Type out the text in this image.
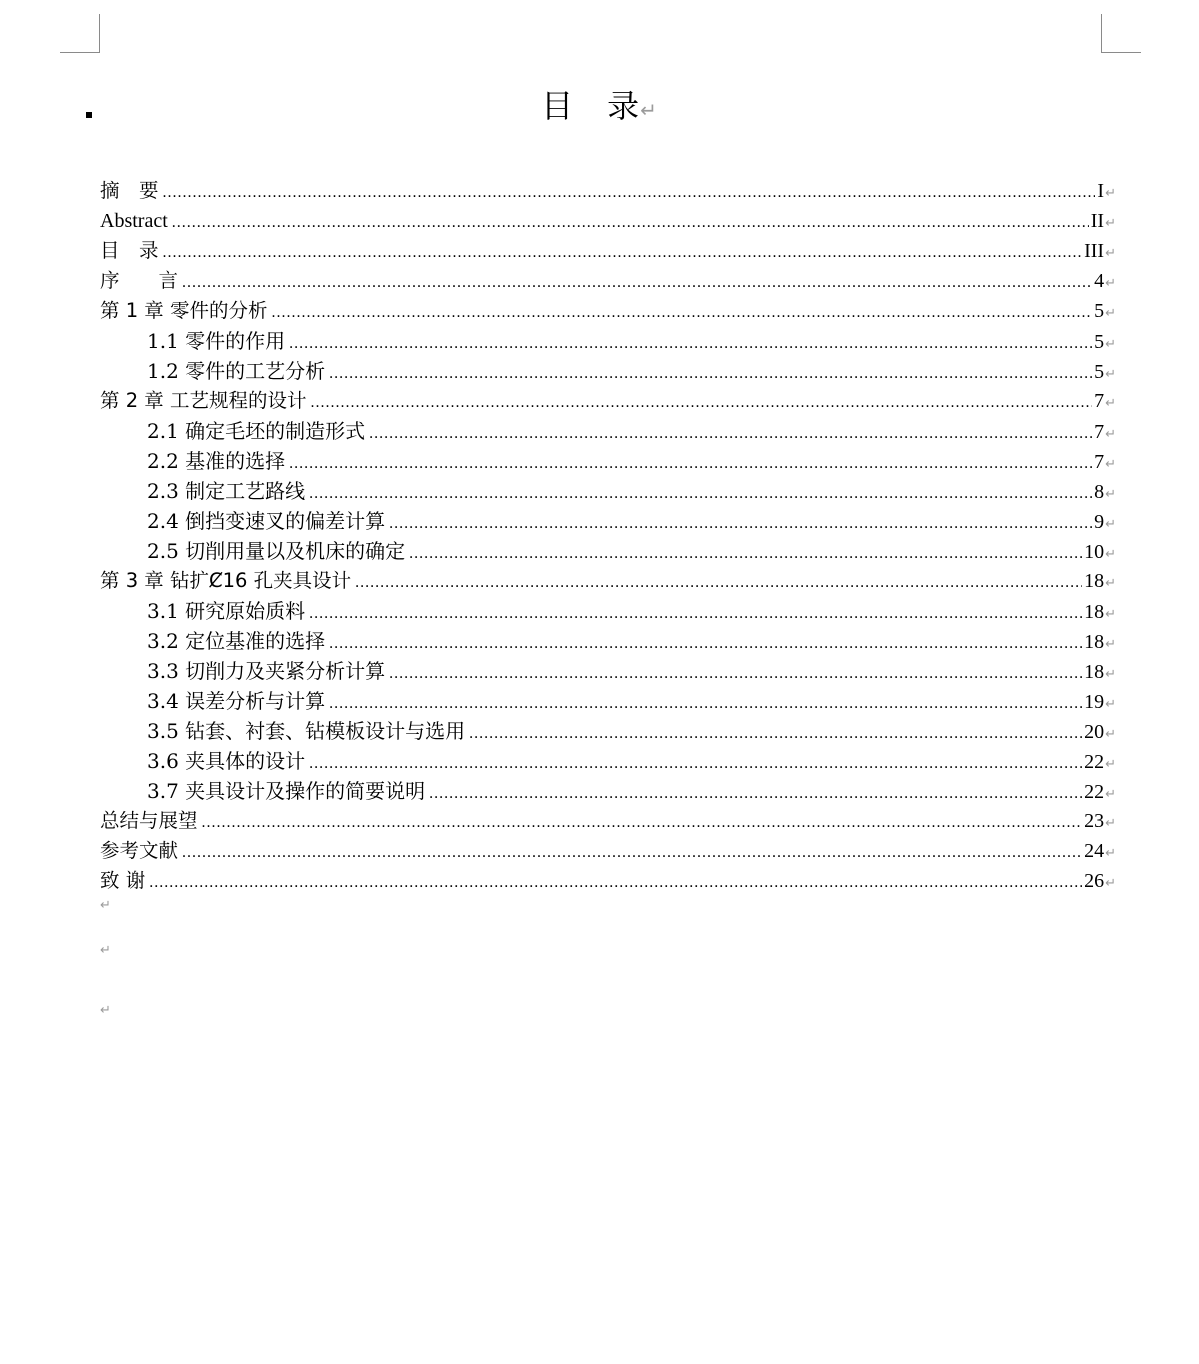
目　录↵
摘　要 .....	I ↵
Abstract .....	II ↵
目　录 .....	III ↵
序　　言 .....	4 ↵
第 1 章 零件的分析 .....	5 ↵
1.1 零件的作用 .....	5 ↵
1.2 零件的工艺分析 .....	5 ↵
第 2 章 工艺规程的设计 .....	7 ↵
2.1 确定毛坯的制造形式 .....	7 ↵
2.2 基准的选择 .....	7 ↵
2.3 制定工艺路线 .....	8 ↵
2.4 倒挡变速叉的偏差计算 .....	9 ↵
2.5 切削用量以及机床的确定 .....	10 ↵
第 3 章 钻扩Ȼ16 孔夹具设计 .....	18 ↵
3.1 研究原始质料 .....	18 ↵
3.2 定位基准的选择 .....	18 ↵
3.3 切削力及夹紧分析计算 .....	18 ↵
3.4 误差分析与计算 .....	19 ↵
3.5 钻套、衬套、钻模板设计与选用 .....	20 ↵
3.6 夹具体的设计 .....	22 ↵
3.7 夹具设计及操作的简要说明 .....	22 ↵
总结与展望 .....	23 ↵
参考文献 .....	24 ↵
致 谢 .....	26 ↵
↵
↵
↵
